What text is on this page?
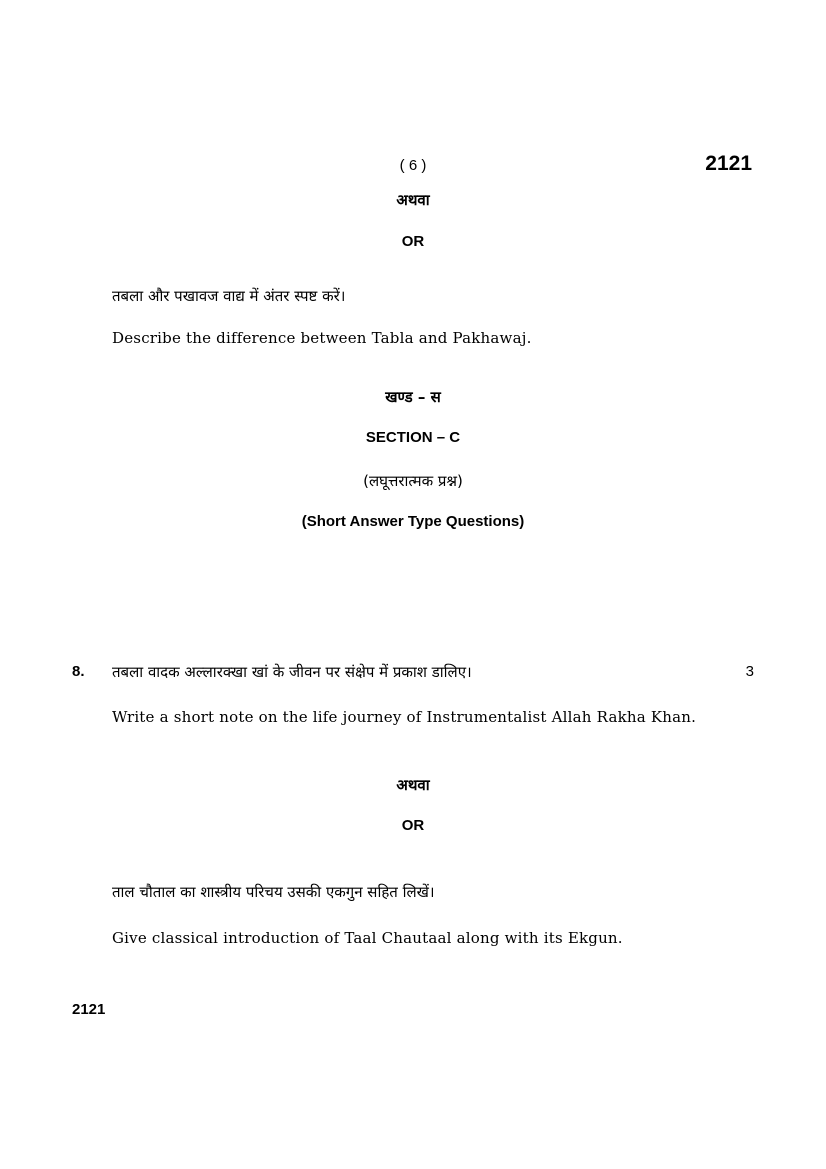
( 6 )	2121
अथवा
OR
तबला और पखावज वाद्य में अंतर स्पष्ट करें।
Describe the difference between Tabla and Pakhawaj.
खण्ड – स
SECTION – C
(लघूत्तरात्मक प्रश्न)
(Short Answer Type Questions)
8. तबला वादक अल्लारक्खा खां के जीवन पर संक्षेप में प्रकाश डालिए।	3
Write a short note on the life journey of Instrumentalist Allah Rakha Khan.
अथवा
OR
ताल चौताल का शास्त्रीय परिचय उसकी एकगुन सहित लिखें।
Give classical introduction of Taal Chautaal along with its Ekgun.
2121
